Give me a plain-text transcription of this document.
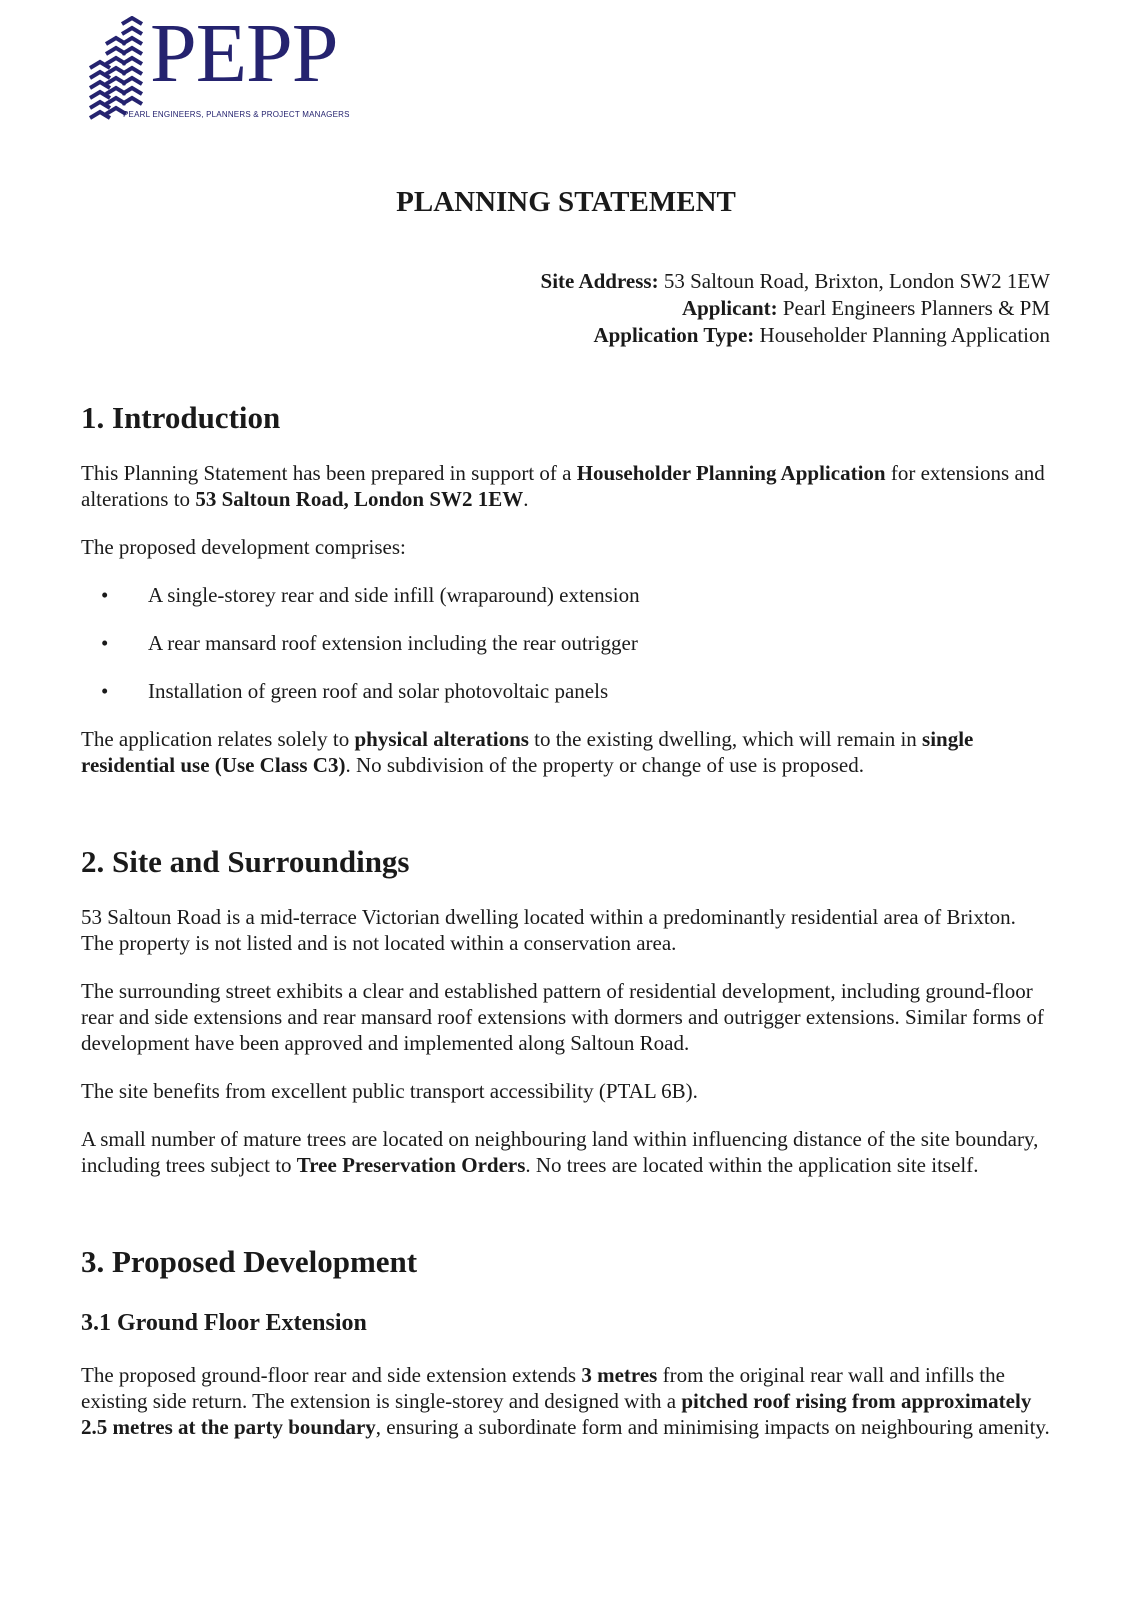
PEPP
PEARL ENGINEERS, PLANNERS & PROJECT MANAGERS
PLANNING STATEMENT
Site Address: 53 Saltoun Road, Brixton, London SW2 1EW
Applicant: Pearl Engineers Planners & PM
Application Type: Householder Planning Application
1. Introduction

This Planning Statement has been prepared in support of a Householder Planning Application for extensions and alterations to 53 Saltoun Road, London SW2 1EW.

The proposed development comprises:

• A single-storey rear and side infill (wraparound) extension
• A rear mansard roof extension including the rear outrigger
• Installation of green roof and solar photovoltaic panels

The application relates solely to physical alterations to the existing dwelling, which will remain in single residential use (Use Class C3). No subdivision of the property or change of use is proposed.

2. Site and Surroundings

53 Saltoun Road is a mid-terrace Victorian dwelling located within a predominantly residential area of Brixton. The property is not listed and is not located within a conservation area.

The surrounding street exhibits a clear and established pattern of residential development, including ground-floor rear and side extensions and rear mansard roof extensions with dormers and outrigger extensions. Similar forms of development have been approved and implemented along Saltoun Road.

The site benefits from excellent public transport accessibility (PTAL 6B).

A small number of mature trees are located on neighbouring land within influencing distance of the site boundary, including trees subject to Tree Preservation Orders. No trees are located within the application site itself.

3. Proposed Development
3.1 Ground Floor Extension

The proposed ground-floor rear and side extension extends 3 metres from the original rear wall and infills the existing side return. The extension is single-storey and designed with a pitched roof rising from approximately 2.5 metres at the party boundary, ensuring a subordinate form and minimising impacts on neighbouring amenity.
